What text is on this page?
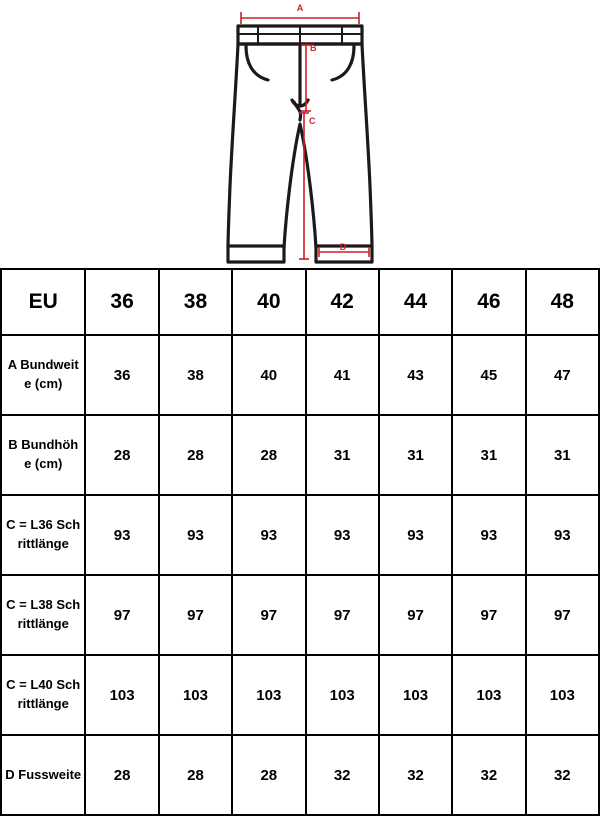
A
B
C
D
EU	36	38	40	42	44	46	48
A Bundweite (cm)	36	38	40	41	43	45	47
B Bundhöhe (cm)	28	28	28	31	31	31	31
C = L36 Schrittlänge	93	93	93	93	93	93	93
C = L38 Schrittlänge	97	97	97	97	97	97	97
C = L40 Schrittlänge	103	103	103	103	103	103	103
D Fussweite	28	28	28	32	32	32	32
